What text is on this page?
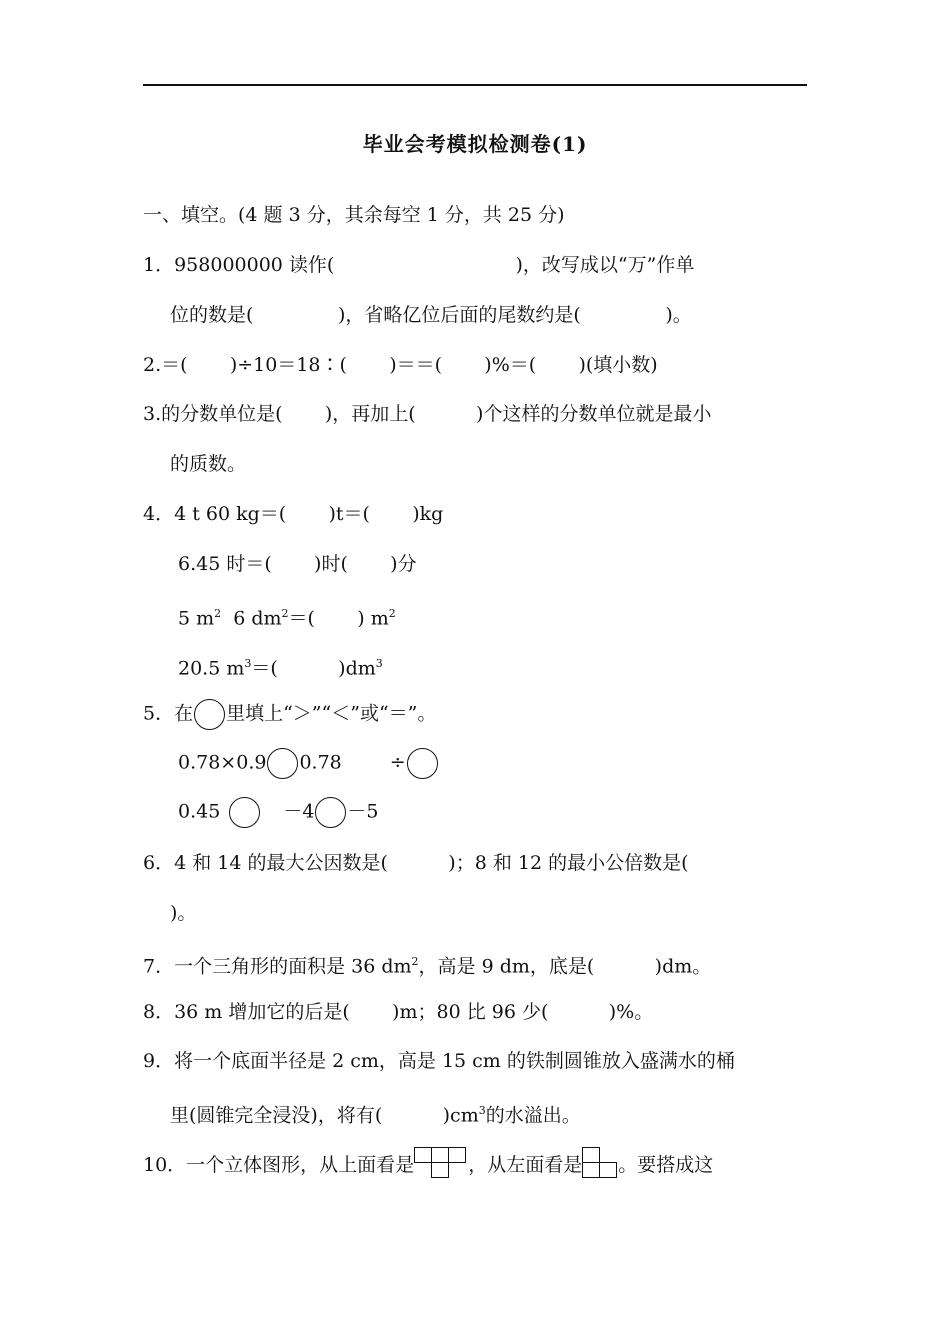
毕业会考模拟检测卷(1)
一、填空。(4 题 3 分，其余每空 1 分，共 25 分)
1．958000000 读作(                              )，改写成以“万”作单
位的数是(              )，省略亿位后面的尾数约是(              )。
2.＝(       )÷10＝18∶(       )＝＝(       )%＝(       )(填小数)
3.的分数单位是(       )，再加上(          )个这样的分数单位就是最小
的质数。
4．4 t 60 kg＝(       )t＝(       )kg
6.45 时＝(       )时(       )分
5 $m^2$  6 $dm^2=$(       ) $m^2$
20.5 $m^3=$(          )$dm^3$
5．在 里填上“＞”“＜”或“＝”。
0.78×0.9 0.78	÷
0.45	－4 －5
6．4 和 14 的最大公因数是(          )；8 和 12 的最小公倍数是(
)。
7．一个三角形的面积是 36 $dm^2$，高是 9 dm，底是(          )dm。
8．36 m 增加它的后是(       )m；80 比 96 少(          )%。
9．将一个底面半径是 2 cm，高是 15 cm 的铁制圆锥放入盛满水的桶
里(圆锥完全浸没)，将有(          )$cm^3$的水溢出。
10．一个立体图形，从上面看是	，从左面看是 。要搭成这
